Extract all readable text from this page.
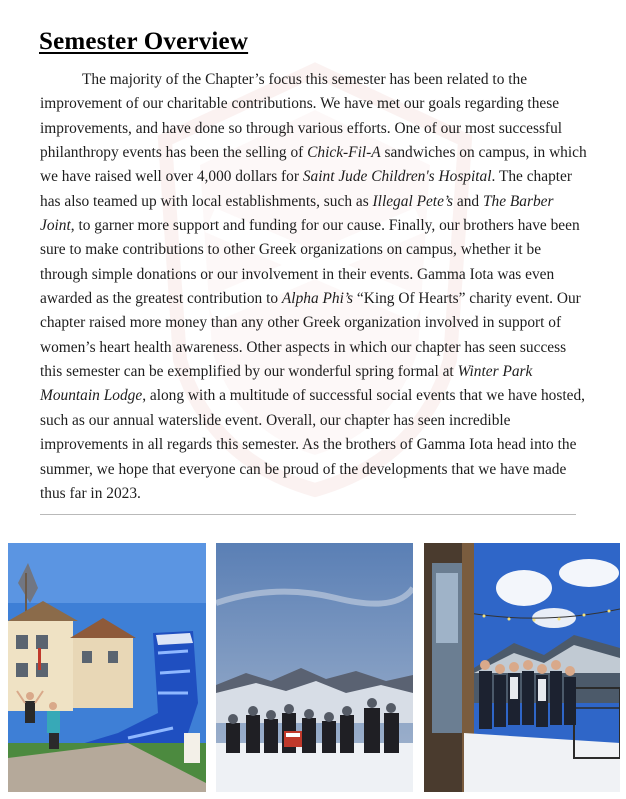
Semester Overview

The majority of the Chapter’s focus this semester has been related to the improvement of our charitable contributions. We have met our goals regarding these improvements, and have done so through various efforts. One of our most successful philanthropy events has been the selling of Chick-Fil-A sandwiches on campus, in which we have raised well over 4,000 dollars for Saint Jude Children's Hospital. The chapter has also teamed up with local establishments, such as Illegal Pete’s and The Barber Joint, to garner more support and funding for our cause. Finally, our brothers have been sure to make contributions to other Greek organizations on campus, whether it be through simple donations or our involvement in their events. Gamma Iota was even awarded as the greatest contribution to Alpha Phi’s “King Of Hearts” charity event. Our chapter raised more money than any other Greek organization involved in support of women’s heart health awareness. Other aspects in which our chapter has seen success this semester can be exemplified by our wonderful spring formal at Winter Park Mountain Lodge, along with a multitude of successful social events that we have hosted, such as our annual waterslide event. Overall, our chapter has seen incredible improvements in all regards this semester. As the brothers of Gamma Iota head into the summer, we hope that everyone can be proud of the developments that we have made thus far in 2023.
